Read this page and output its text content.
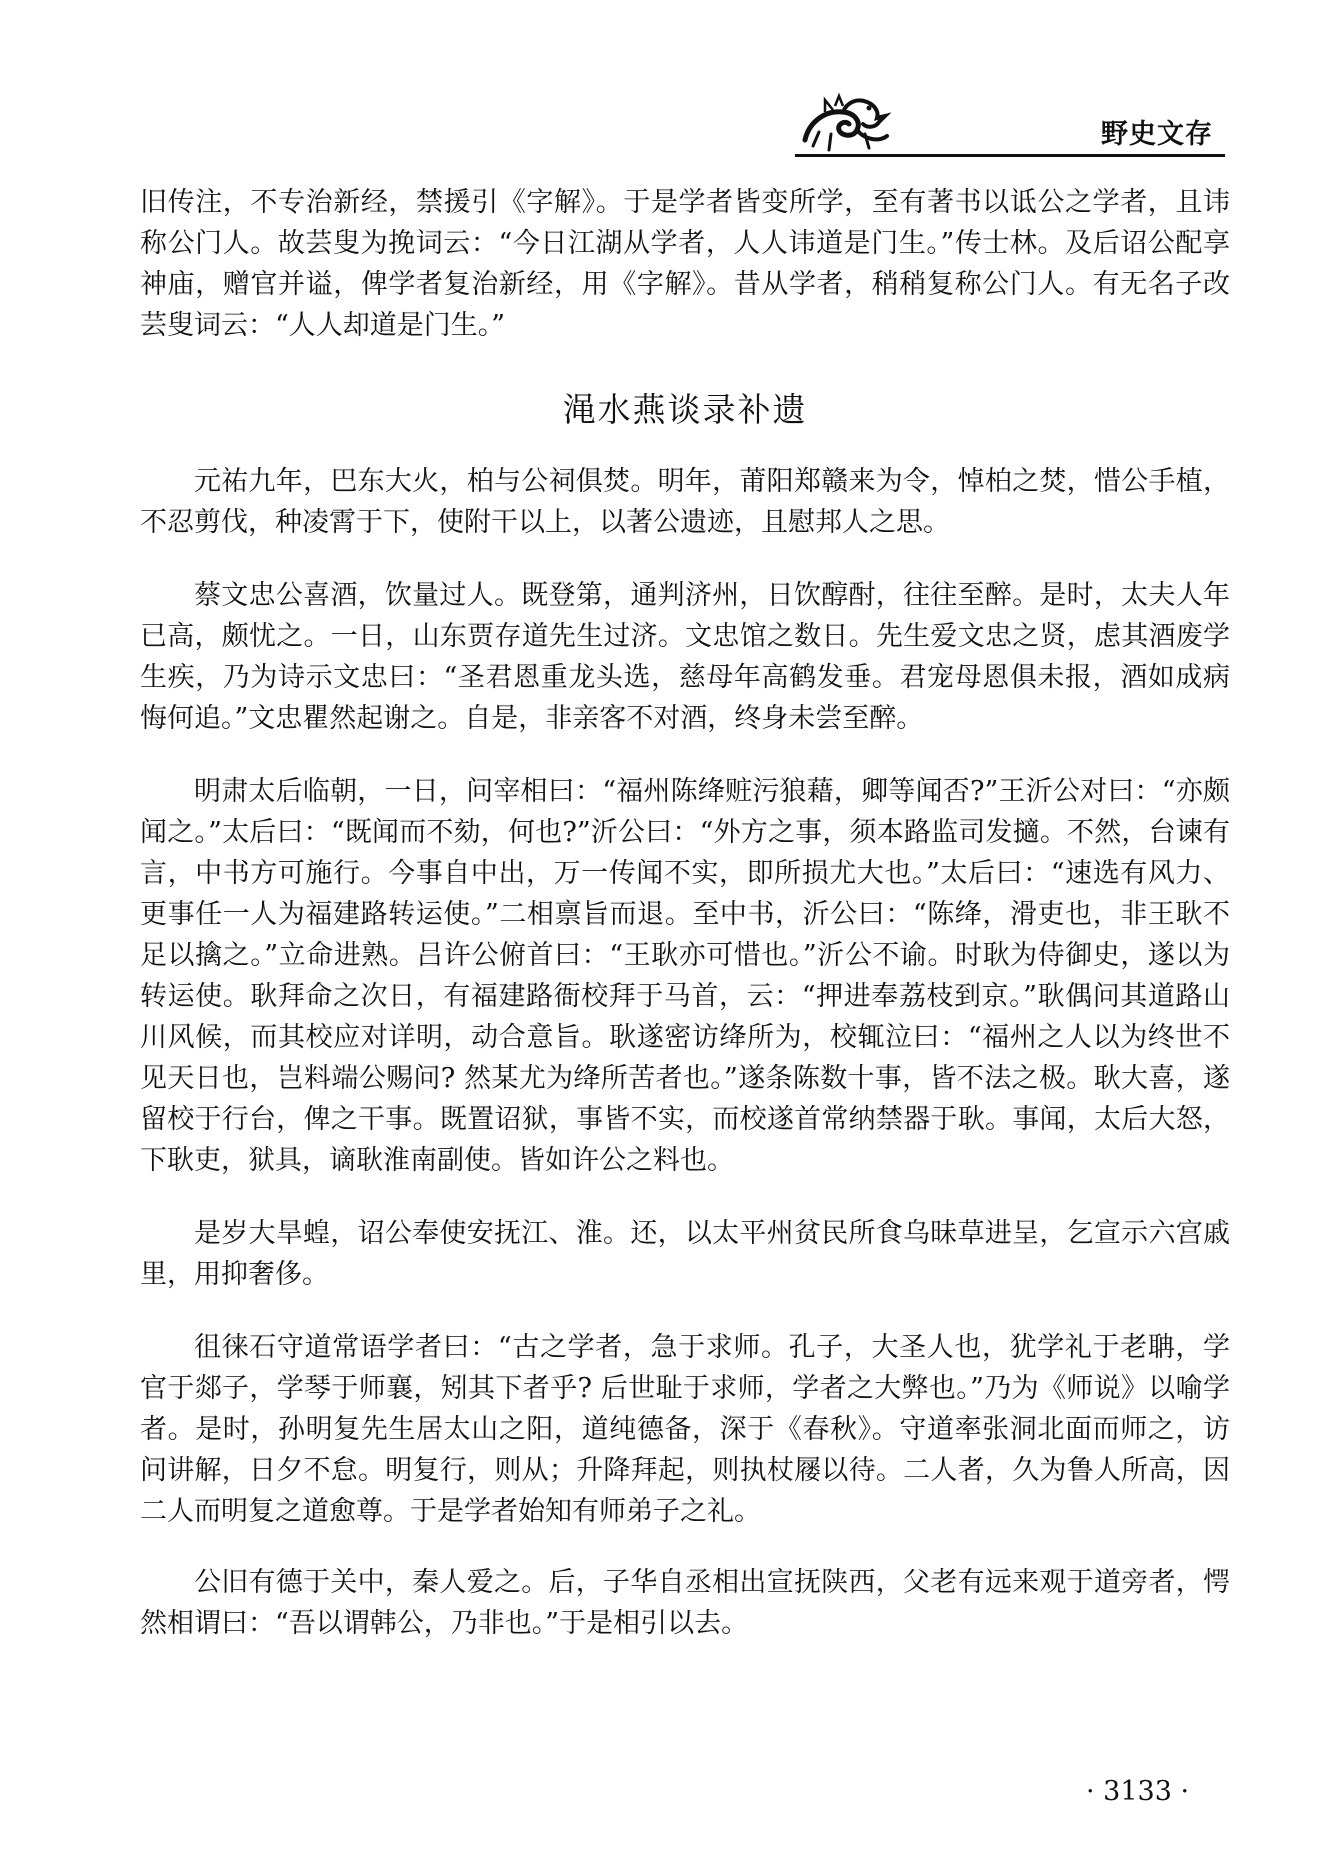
野史文存

旧传注，不专治新经，禁援引《字解》。于是学者皆变所学，至有著书以诋公之学者，且讳称公门人。故芸叟为挽词云：“今日江湖从学者，人人讳道是门生。”传士林。及后诏公配享神庙，赠官并谥，俾学者复治新经，用《字解》。昔从学者，稍稍复称公门人。有无名子改芸叟词云：“人人却道是门生。”

渑水燕谈录补遗

元祐九年，巴东大火，柏与公祠俱焚。明年，莆阳郑赣来为令，悼柏之焚，惜公手植，不忍剪伐，种凌霄于下，使附干以上，以著公遗迹，且慰邦人之思。

蔡文忠公喜酒，饮量过人。既登第，通判济州，日饮醇酎，往往至醉。是时，太夫人年已高，颇忧之。一日，山东贾存道先生过济。文忠馆之数日。先生爱文忠之贤，虑其酒废学生疾，乃为诗示文忠曰：“圣君恩重龙头选，慈母年高鹤发垂。君宠母恩俱未报，酒如成病悔何追。”文忠瞿然起谢之。自是，非亲客不对酒，终身未尝至醉。

明肃太后临朝，一日，问宰相曰：“福州陈绛赃污狼藉，卿等闻否?”王沂公对曰：“亦颇闻之。”太后曰：“既闻而不劾，何也?”沂公曰：“外方之事，须本路监司发擿。不然，台谏有言，中书方可施行。今事自中出，万一传闻不实，即所损尤大也。”太后曰：“速选有风力、更事任一人为福建路转运使。”二相禀旨而退。至中书，沂公曰：“陈绛，滑吏也，非王耿不足以擒之。”立命进熟。吕许公俯首曰：“王耿亦可惜也。”沂公不谕。时耿为侍御史，遂以为转运使。耿拜命之次日，有福建路衙校拜于马首，云：“押进奉荔枝到京。”耿偶问其道路山川风候，而其校应对详明，动合意旨。耿遂密访绛所为，校辄泣曰：“福州之人以为终世不见天日也，岂料端公赐问? 然某尤为绛所苦者也。”遂条陈数十事，皆不法之极。耿大喜，遂留校于行台，俾之干事。既置诏狱，事皆不实，而校遂首常纳禁器于耿。事闻，太后大怒，下耿吏，狱具，谪耿淮南副使。皆如许公之料也。

是岁大旱蝗，诏公奉使安抚江、淮。还，以太平州贫民所食乌昧草进呈，乞宣示六宫戚里，用抑奢侈。

徂徕石守道常语学者曰：“古之学者，急于求师。孔子，大圣人也，犹学礼于老聃，学官于郯子，学琴于师襄，矧其下者乎? 后世耻于求师，学者之大弊也。”乃为《师说》以喻学者。是时，孙明复先生居太山之阳，道纯德备，深于《春秋》。守道率张洞北面而师之，访问讲解，日夕不怠。明复行，则从；升降拜起，则执杖屦以待。二人者，久为鲁人所高，因二人而明复之道愈尊。于是学者始知有师弟子之礼。

公旧有德于关中，秦人爱之。后，子华自丞相出宣抚陕西，父老有远来观于道旁者，愕然相谓曰：“吾以谓韩公，乃非也。”于是相引以去。

· 3133 ·
